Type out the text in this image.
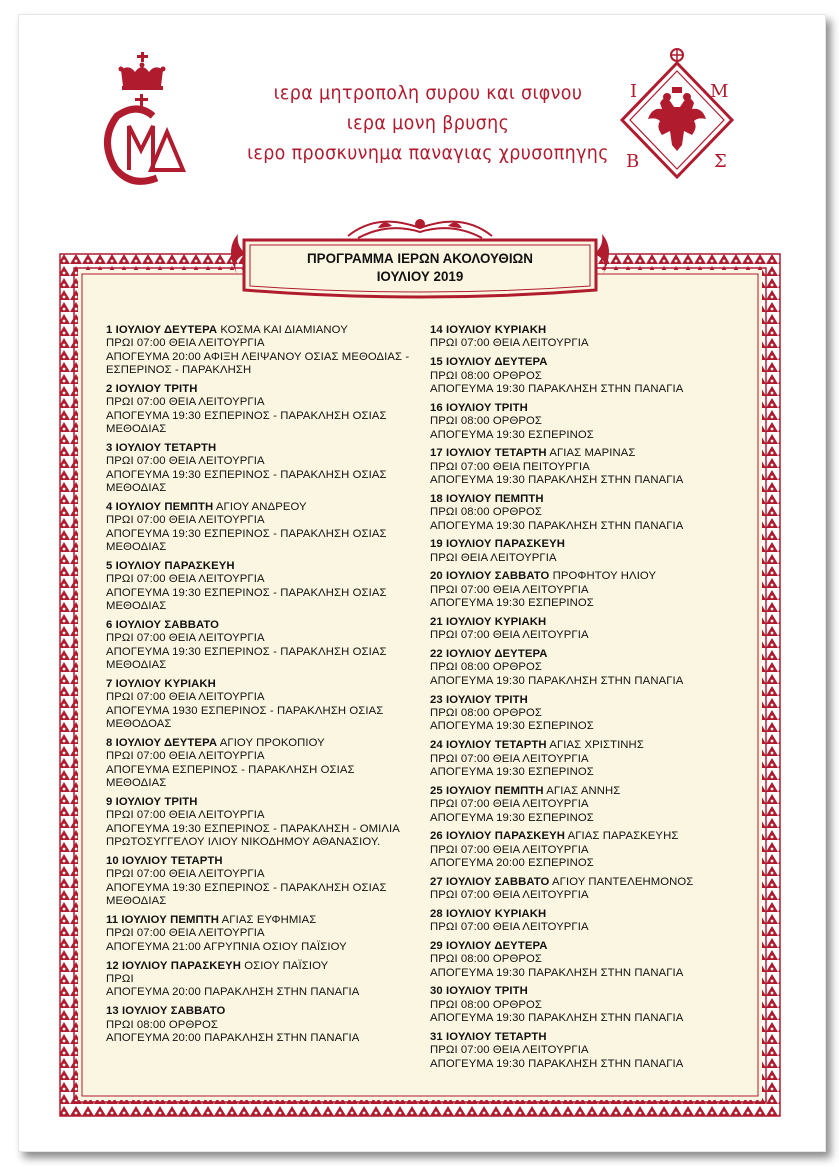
ιερα μητροπολη συρου και σιφνου
ιερα μονη βρυσης
ιερο προσκυνημα παναγιας χρυσοπηγης
Ι	Μ
Β	Σ
ΠΡΟΓΡΑΜΜΑ ΙΕΡΩΝ ΑΚΟΛΟΥΘΙΩΝ
ΙΟΥΛΙΟΥ 2019
1 ΙΟΥΛΙΟΥ ΔΕΥΤΕΡΑ ΚΟΣΜΑ ΚΑΙ ΔΙΑΜΙΑΝΟΥ
ΠΡΩΙ 07:00 ΘΕΙΑ ΛΕΙΤΟΥΡΓΙΑ
ΑΠΟΓΕΥΜΑ 20:00 ΑΦΙΞΗ ΛΕΙΨΑΝΟΥ ΟΣΙΑΣ ΜΕΘΟΔΙΑΣ - ΕΣΠΕΡΙΝΟΣ - ΠΑΡΑΚΛΗΣΗ
2 ΙΟΥΛΙΟΥ ΤΡΙΤΗ
ΠΡΩΙ 07:00 ΘΕΙΑ ΛΕΙΤΟΥΡΓΙΑ
ΑΠΟΓΕΥΜΑ 19:30 ΕΣΠΕΡΙΝΟΣ - ΠΑΡΑΚΛΗΣΗ ΟΣΙΑΣ ΜΕΘΟΔΙΑΣ
3 ΙΟΥΛΙΟΥ ΤΕΤΑΡΤΗ
ΠΡΩΙ 07:00 ΘΕΙΑ ΛΕΙΤΟΥΡΓΙΑ
ΑΠΟΓΕΥΜΑ 19:30 ΕΣΠΕΡΙΝΟΣ - ΠΑΡΑΚΛΗΣΗ ΟΣΙΑΣ ΜΕΘΟΔΙΑΣ
4 ΙΟΥΛΙΟΥ ΠΕΜΠΤΗ ΑΓΙΟΥ ΑΝΔΡΕΟΥ
ΠΡΩΙ 07:00 ΘΕΙΑ ΛΕΙΤΟΥΡΓΙΑ
ΑΠΟΓΕΥΜΑ 19:30 ΕΣΠΕΡΙΝΟΣ - ΠΑΡΑΚΛΗΣΗ ΟΣΙΑΣ ΜΕΘΟΔΙΑΣ
5 ΙΟΥΛΙΟΥ ΠΑΡΑΣΚΕΥΗ
ΠΡΩΙ 07:00 ΘΕΙΑ ΛΕΙΤΟΥΡΓΙΑ
ΑΠΟΓΕΥΜΑ 19:30 ΕΣΠΕΡΙΝΟΣ - ΠΑΡΑΚΛΗΣΗ ΟΣΙΑΣ ΜΕΘΟΔΙΑΣ
6 ΙΟΥΛΙΟΥ ΣΑΒΒΑΤΟ
ΠΡΩΙ 07:00 ΘΕΙΑ ΛΕΙΤΟΥΡΓΙΑ
ΑΠΟΓΕΥΜΑ 19:30 ΕΣΠΕΡΙΝΟΣ - ΠΑΡΑΚΛΗΣΗ ΟΣΙΑΣ ΜΕΘΟΔΙΑΣ
7 ΙΟΥΛΙΟΥ ΚΥΡΙΑΚΗ
ΠΡΩΙ 07:00 ΘΕΙΑ ΛΕΙΤΟΥΡΓΙΑ
ΑΠΟΓΕΥΜΑ 1930 ΕΣΠΕΡΙΝΟΣ - ΠΑΡΑΚΛΗΣΗ ΟΣΙΑΣ ΜΕΘΟΔΟΑΣ
8 ΙΟΥΛΙΟΥ ΔΕΥΤΕΡΑ ΑΓΙΟΥ ΠΡΟΚΟΠΙΟΥ
ΠΡΩΙ 07:00 ΘΕΙΑ ΛΕΙΤΟΥΡΓΙΑ
ΑΠΟΓΕΥΜΑ ΕΣΠΕΡΙΝΟΣ - ΠΑΡΑΚΛΗΣΗ ΟΣΙΑΣ ΜΕΘΟΔΙΑΣ
9 ΙΟΥΛΙΟΥ ΤΡΙΤΗ
ΠΡΩΙ 07:00 ΘΕΙΑ ΛΕΙΤΟΥΡΓΙΑ
ΑΠΟΓΕΥΜΑ 19:30 ΕΣΠΕΡΙΝΟΣ - ΠΑΡΑΚΛΗΣΗ - ΟΜΙΛΙΑ ΠΡΩΤΟΣΥΓΓΕΛΟΥ ΙΛΙΟΥ ΝΙΚΟΔΗΜΟΥ ΑΘΑΝΑΣΙΟΥ.
10 ΙΟΥΛΙΟΥ ΤΕΤΑΡΤΗ
ΠΡΩΙ 07:00 ΘΕΙΑ ΛΕΙΤΟΥΡΓΙΑ
ΑΠΟΓΕΥΜΑ 19:30 ΕΣΠΕΡΙΝΟΣ - ΠΑΡΑΚΛΗΣΗ ΟΣΙΑΣ ΜΕΘΟΔΙΑΣ
11 ΙΟΥΛΙΟΥ ΠΕΜΠΤΗ ΑΓΙΑΣ ΕΥΦΗΜΙΑΣ
ΠΡΩΙ 07:00 ΘΕΙΑ ΛΕΙΤΟΥΡΓΙΑ
ΑΠΟΓΕΥΜΑ 21:00 ΑΓΡΥΠΝΙΑ ΟΣΙΟΥ ΠΑΪΣΙΟΥ
12 ΙΟΥΛΙΟΥ ΠΑΡΑΣΚΕΥΗ ΟΣΙΟΥ ΠΑΪΣΙΟΥ
ΠΡΩΙ
ΑΠΟΓΕΥΜΑ 20:00 ΠΑΡΑΚΛΗΣΗ ΣΤΗΝ ΠΑΝΑΓΙΑ
13 ΙΟΥΛΙΟΥ ΣΑΒΒΑΤΟ
ΠΡΩΙ 08:00 ΟΡΘΡΟΣ
ΑΠΟΓΕΥΜΑ 20:00 ΠΑΡΑΚΛΗΣΗ ΣΤΗΝ ΠΑΝΑΓΙΑ
14 ΙΟΥΛΙΟΥ ΚΥΡΙΑΚΗ
ΠΡΩΙ 07:00 ΘΕΙΑ ΛΕΙΤΟΥΡΓΙΑ
15 ΙΟΥΛΙΟΥ ΔΕΥΤΕΡΑ
ΠΡΩΙ 08:00 ΟΡΘΡΟΣ
ΑΠΟΓΕΥΜΑ 19:30 ΠΑΡΑΚΛΗΣΗ ΣΤΗΝ ΠΑΝΑΓΙΑ
16 ΙΟΥΛΙΟΥ ΤΡΙΤΗ
ΠΡΩΙ 08:00 ΟΡΘΡΟΣ
ΑΠΟΓΕΥΜΑ 19:30 ΕΣΠΕΡΙΝΟΣ
17 ΙΟΥΛΙΟΥ ΤΕΤΑΡΤΗ ΑΓΙΑΣ ΜΑΡΙΝΑΣ
ΠΡΩΙ 07:00 ΘΕΙΑ ΠΕΙΤΟΥΡΓΙΑ
ΑΠΟΓΕΥΜΑ 19:30 ΠΑΡΑΚΛΗΣΗ ΣΤΗΝ ΠΑΝΑΓΙΑ
18 ΙΟΥΛΙΟΥ ΠΕΜΠΤΗ
ΠΡΩΙ 08:00 ΟΡΘΡΟΣ
ΑΠΟΓΕΥΜΑ 19:30 ΠΑΡΑΚΛΗΣΗ ΣΤΗΝ ΠΑΝΑΓΙΑ
19 ΙΟΥΛΙΟΥ ΠΑΡΑΣΚΕΥΗ
ΠΡΩΙ ΘΕΙΑ ΛΕΙΤΟΥΡΓΙΑ
20 ΙΟΥΛΙΟΥ ΣΑΒΒΑΤΟ ΠΡΟΦΗΤΟΥ ΗΛΙΟΥ
ΠΡΩΙ 07:00 ΘΕΙΑ ΛΕΙΤΟΥΡΓΙΑ
ΑΠΟΓΕΥΜΑ 19:30 ΕΣΠΕΡΙΝΟΣ
21 ΙΟΥΛΙΟΥ ΚΥΡΙΑΚΗ
ΠΡΩΙ 07:00 ΘΕΙΑ ΛΕΙΤΟΥΡΓΙΑ
22 ΙΟΥΛΙΟΥ ΔΕΥΤΕΡΑ
ΠΡΩΙ 08:00 ΟΡΘΡΟΣ
ΑΠΟΓΕΥΜΑ 19:30 ΠΑΡΑΚΛΗΣΗ ΣΤΗΝ ΠΑΝΑΓΙΑ
23 ΙΟΥΛΙΟΥ ΤΡΙΤΗ
ΠΡΩΙ 08:00 ΟΡΘΡΟΣ
ΑΠΟΓΕΥΜΑ 19:30 ΕΣΠΕΡΙΝΟΣ
24 ΙΟΥΛΙΟΥ ΤΕΤΑΡΤΗ ΑΓΙΑΣ ΧΡΙΣΤΙΝΗΣ
ΠΡΩΙ 07:00 ΘΕΙΑ ΛΕΙΤΟΥΡΓΙΑ
ΑΠΟΓΕΥΜΑ 19:30 ΕΣΠΕΡΙΝΟΣ
25 ΙΟΥΛΙΟΥ ΠΕΜΠΤΗ ΑΓΙΑΣ ΑΝΝΗΣ
ΠΡΩΙ 07:00 ΘΕΙΑ ΛΕΙΤΟΥΡΓΙΑ
ΑΠΟΓΕΥΜΑ 19:30 ΕΣΠΕΡΙΝΟΣ
26 ΙΟΥΛΙΟΥ ΠΑΡΑΣΚΕΥΗ ΑΓΙΑΣ ΠΑΡΑΣΚΕΥΗΣ
ΠΡΩΙ 07:00 ΘΕΙΑ ΛΕΙΤΟΥΡΓΙΑ
ΑΠΟΓΕΥΜΑ 20:00 ΕΣΠΕΡΙΝΟΣ
27 ΙΟΥΛΙΟΥ ΣΑΒΒΑΤΟ ΑΓΙΟΥ ΠΑΝΤΕΛΕΗΜΟΝΟΣ
ΠΡΩΙ 07:00 ΘΕΙΑ ΛΕΙΤΟΥΡΓΙΑ
28 ΙΟΥΛΙΟΥ ΚΥΡΙΑΚΗ
ΠΡΩΙ 07:00 ΘΕΙΑ ΛΕΙΤΟΥΡΓΙΑ
29 ΙΟΥΛΙΟΥ ΔΕΥΤΕΡΑ
ΠΡΩΙ 08:00 ΟΡΘΡΟΣ
ΑΠΟΓΕΥΜΑ 19:30 ΠΑΡΑΚΛΗΣΗ ΣΤΗΝ ΠΑΝΑΓΙΑ
30 ΙΟΥΛΙΟΥ ΤΡΙΤΗ
ΠΡΩΙ 08:00 ΟΡΘΡΟΣ
ΑΠΟΓΕΥΜΑ 19:30 ΠΑΡΑΚΛΗΣΗ ΣΤΗΝ ΠΑΝΑΓΙΑ
31 ΙΟΥΛΙΟΥ ΤΕΤΑΡΤΗ
ΠΡΩΙ 07:00 ΘΕΙΑ ΛΕΙΤΟΥΡΓΙΑ
ΑΠΟΓΕΥΜΑ 19:30 ΠΑΡΑΚΛΗΣΗ ΣΤΗΝ ΠΑΝΑΓΙΑ
